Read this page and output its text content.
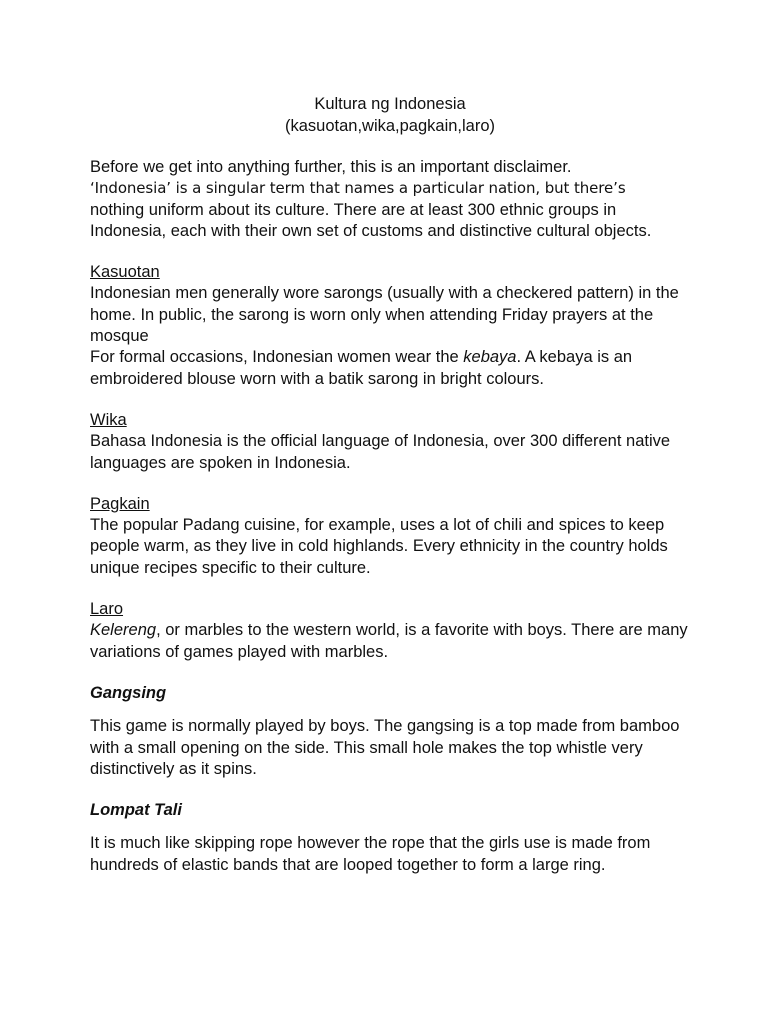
Kultura ng Indonesia
(kasuotan,wika,pagkain,laro)

Before we get into anything further, this is an important disclaimer.

‘Indonesia’ is a singular term that names a particular nation, but there’s

nothing uniform about its culture. There are at least 300 ethnic groups in Indonesia, each with their own set of customs and distinctive cultural objects.

Kasuotan

Indonesian men generally wore sarongs (usually with a checkered pattern) in the home. In public, the sarong is worn only when attending Friday prayers at the mosque

For formal occasions, Indonesian women wear the kebaya. A kebaya is an embroidered blouse worn with a batik sarong in bright colours.

Wika

Bahasa Indonesia is the official language of Indonesia, over 300 different native languages are spoken in Indonesia.

Pagkain

The popular Padang cuisine, for example, uses a lot of chili and spices to keep people warm, as they live in cold highlands. Every ethnicity in the country holds unique recipes specific to their culture.

Laro

Kelereng, or marbles to the western world, is a favorite with boys. There are many variations of games played with marbles.

Gangsing

This game is normally played by boys. The gangsing is a top made from bamboo with a small opening on the side. This small hole makes the top whistle very distinctively as it spins.

Lompat Tali

It is much like skipping rope however the rope that the girls use is made from hundreds of elastic bands that are looped together to form a large ring.
